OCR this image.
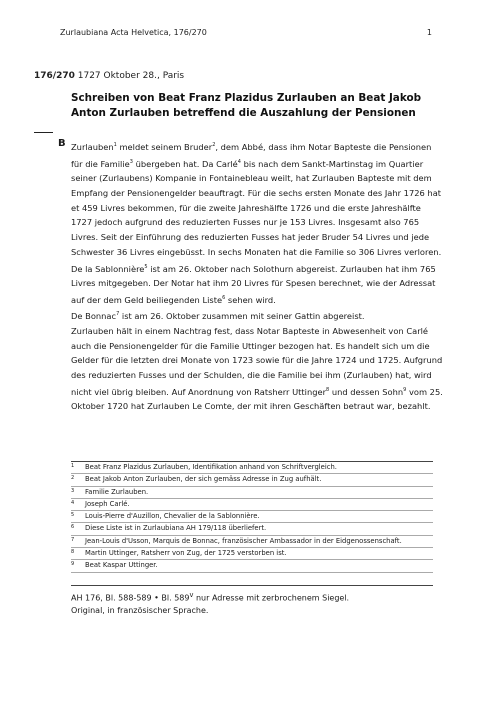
Zurlaubiana Acta Helvetica, 176/270	1
176/270 1727 Oktober 28., Paris
Schreiben von Beat Franz Plazidus Zurlauben an Beat Jakob Anton Zurlauben betreffend die Auszahlung der Pensionen
B Zurlauben$^1$ meldet seinem Bruder$^2$, dem Abbé, dass ihm Notar Bapteste die Pensionen für die Familie$^3$ übergeben hat. Da Carlé$^4$ bis nach dem Sankt-Martinstag im Quartier seiner (Zurlaubens) Kompanie in Fontainebleau weilt, hat Zurlauben Bapteste mit dem Empfang der Pensionengelder beauftragt. Für die sechs ersten Monate des Jahr 1726 hat et 459 Livres bekommen, für die zweite Jahreshälfte 1726 und die erste Jahreshälfte 1727 jedoch aufgrund des reduzierten Fusses nur je 153 Livres. Insgesamt also 765 Livres. Seit der Einführung des reduzierten Fusses hat jeder Bruder 54 Livres und jede Schwester 36 Livres eingebüsst. In sechs Monaten hat die Familie so 306 Livres verloren.

De la Sablonnière$^5$ ist am 26. Oktober nach Solothurn abgereist. Zurlauben hat ihm 765 Livres mitgegeben. Der Notar hat ihm 20 Livres für Spesen berechnet, wie der Adressat auf der dem Geld beiliegenden Liste$^6$ sehen wird.

De Bonnac$^7$ ist am 26. Oktober zusammen mit seiner Gattin abgereist.

Zurlauben hält in einem Nachtrag fest, dass Notar Bapteste in Abwesenheit von Carlé auch die Pensionengelder für die Familie Uttinger bezogen hat. Es handelt sich um die Gelder für die letzten drei Monate von 1723 sowie für die Jahre 1724 und 1725. Aufgrund des reduzierten Fusses und der Schulden, die die Familie bei ihm (Zurlauben) hat, wird nicht viel übrig bleiben. Auf Anordnung von Ratsherr Uttinger$^8$ und dessen Sohn$^9$ vom 25. Oktober 1720 hat Zurlauben Le Comte, der mit ihren Geschäften betraut war, bezahlt.

1	Beat Franz Plazidus Zurlauben, Identifikation anhand von Schriftvergleich.
2	Beat Jakob Anton Zurlauben, der sich gemäss Adresse in Zug aufhält.
3	Familie Zurlauben.
4	Joseph Carlé.
5	Louis-Pierre d'Auzillon, Chevalier de la Sablonnière.
6	Diese Liste ist in Zurlaubiana AH 179/118 überliefert.
7	Jean-Louis d'Usson, Marquis de Bonnac, französischer Ambassador in der Eidgenossenschaft.
8	Martin Uttinger, Ratsherr von Zug, der 1725 verstorben ist.
9	Beat Kaspar Uttinger.

AH 176, Bl. 588-589 • Bl. 589$^v$ nur Adresse mit zerbrochenem Siegel.

Original, in französischer Sprache.
